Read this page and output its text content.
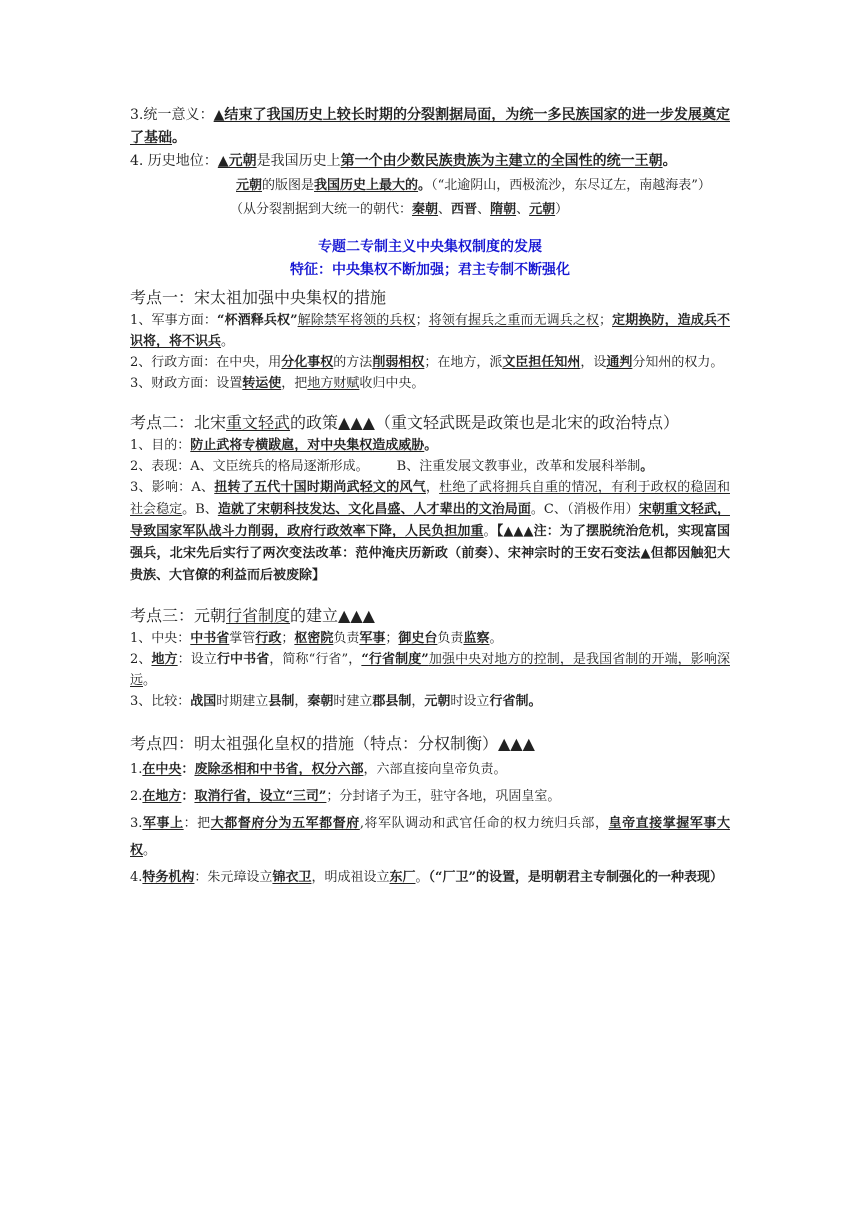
3.统一意义：▲结束了我国历史上较长时期的分裂割据局面，为统一多民族国家的进一步发展奠定了基础。

4. 历史地位：▲元朝是我国历史上第一个由少数民族贵族为主建立的全国性的统一王朝。

元朝的版图是我国历史上最大的。（“北逾阴山，西极流沙，东尽辽左，南越海表”）

（从分裂割据到大统一的朝代：秦朝、西晋、隋朝、元朝）

专题二专制主义中央集权制度的发展

特征：中央集权不断加强；君主专制不断强化

考点一：宋太祖加强中央集权的措施

1、军事方面：“杯酒释兵权”解除禁军将领的兵权；将领有握兵之重而无调兵之权；定期换防，造成兵不识将，将不识兵。

2、行政方面：在中央，用分化事权的方法削弱相权；在地方，派文臣担任知州，设通判分知州的权力。

3、财政方面：设置转运使，把地方财赋收归中央。

考点二：北宋重文轻武的政策▲▲▲（重文轻武既是政策也是北宋的政治特点）

1、目的：防止武将专横跋扈，对中央集权造成威胁。

2、表现：A、文臣统兵的格局逐渐形成。 B、注重发展文教事业，改革和发展科举制。

3、影响：A、扭转了五代十国时期尚武轻文的风气，杜绝了武将拥兵自重的情况，有利于政权的稳固和社会稳定。B、造就了宋朝科技发达、文化昌盛、人才辈出的文治局面。C、（消极作用）宋朝重文轻武，导致国家军队战斗力削弱，政府行政效率下降，人民负担加重。【▲▲▲注：为了摆脱统治危机，实现富国强兵，北宋先后实行了两次变法改革：范仲淹庆历新政（前奏）、宋神宗时的王安石变法▲但都因触犯大贵族、大官僚的利益而后被废除】

考点三：元朝行省制度的建立▲▲▲

1、中央：中书省掌管行政；枢密院负责军事；御史台负责监察。

2、地方：设立行中书省，简称“行省”，“行省制度”加强中央对地方的控制，是我国省制的开端，影响深远。

3、比较：战国时期建立县制，秦朝时建立郡县制，元朝时设立行省制。

考点四：明太祖强化皇权的措施（特点：分权制衡）▲▲▲

1.在中央：废除丞相和中书省，权分六部，六部直接向皇帝负责。

2.在地方：取消行省，设立“三司”；分封诸子为王，驻守各地，巩固皇室。

3.军事上：把大都督府分为五军都督府,将军队调动和武官任命的权力统归兵部，皇帝直接掌握军事大权。

4.特务机构：朱元璋设立锦衣卫，明成祖设立东厂。（“厂卫”的设置，是明朝君主专制强化的一种表现）
